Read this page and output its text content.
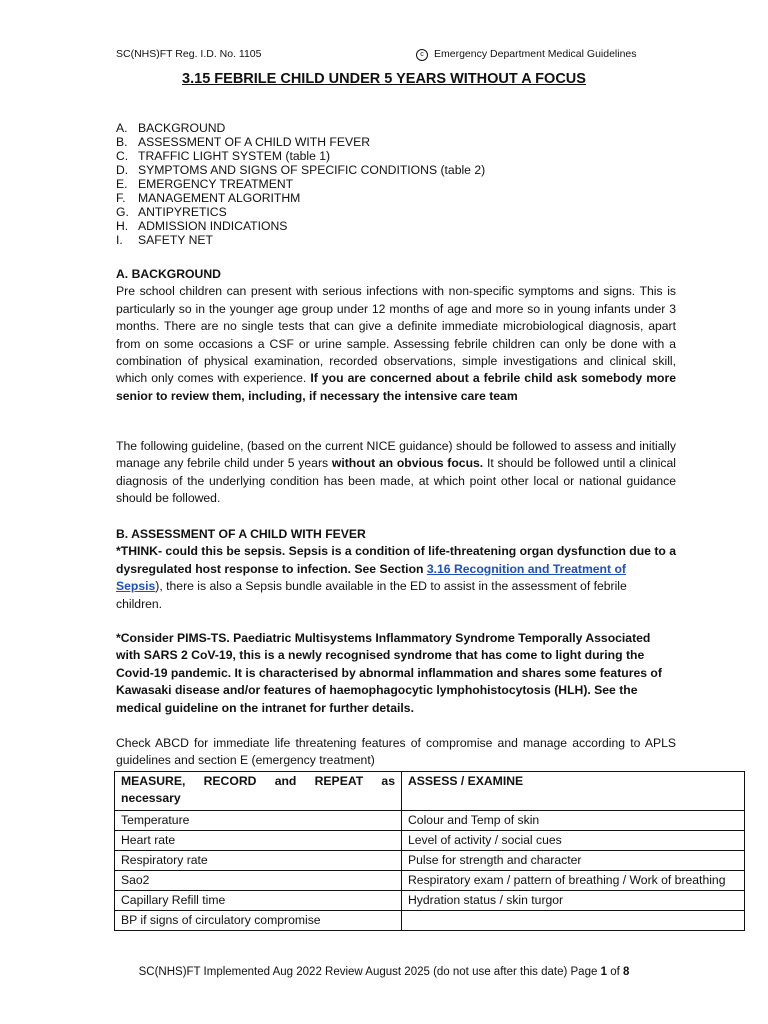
SC(NHS)FT Reg. I.D. No. 1105	c Emergency Department Medical Guidelines
3.15 FEBRILE CHILD UNDER 5 YEARS WITHOUT A FOCUS
A. BACKGROUND
B. ASSESSMENT OF A CHILD WITH FEVER
C. TRAFFIC LIGHT SYSTEM (table 1)
D. SYMPTOMS AND SIGNS OF SPECIFIC CONDITIONS (table 2)
E. EMERGENCY TREATMENT
F.	MANAGEMENT ALGORITHM
G. ANTIPYRETICS
H. ADMISSION INDICATIONS
I.	SAFETY NET
A. BACKGROUND
Pre school children can present with serious infections with non-specific symptoms and signs. This is particularly so in the younger age group under 12 months of age and more so in young infants under 3 months. There are no single tests that can give a definite immediate microbiological diagnosis, apart from on some occasions a CSF or urine sample. Assessing febrile children can only be done with a combination of physical examination, recorded observations, simple investigations and clinical skill, which only comes with experience. If you are concerned about a febrile child ask somebody more senior to review them, including, if necessary the intensive care team
The following guideline, (based on the current NICE guidance) should be followed to assess and initially manage any febrile child under 5 years without an obvious focus. It should be followed until a clinical diagnosis of the underlying condition has been made, at which point other local or national guidance should be followed.
B. ASSESSMENT OF A CHILD WITH FEVER
*THINK- could this be sepsis. Sepsis is a condition of life-threatening organ dysfunction due to a dysregulated host response to infection. See Section 3.16 Recognition and Treatment of Sepsis), there is also a Sepsis bundle available in the ED to assist in the assessment of febrile children.
*Consider PIMS-TS. Paediatric Multisystems Inflammatory Syndrome Temporally Associated with SARS 2 CoV-19, this is a newly recognised syndrome that has come to light during the Covid-19 pandemic. It is characterised by abnormal inflammation and shares some features of Kawasaki disease and/or features of haemophagocytic lymphohistocytosis (HLH). See the medical guideline on the intranet for further details.
Check ABCD for immediate life threatening features of compromise and manage according to APLS guidelines and section E (emergency treatment)
MEASURE, RECORD and REPEAT as necessary	ASSESS / EXAMINE
Temperature	Colour and Temp of skin
Heart rate	Level of activity / social cues
Respiratory rate	Pulse for strength and character
Sao2	Respiratory exam / pattern of breathing / Work of breathing
Capillary Refill time	Hydration status / skin turgor
BP if signs of circulatory compromise	
SC(NHS)FT Implemented Aug 2022 Review August 2025 (do not use after this date) Page 1 of 8
